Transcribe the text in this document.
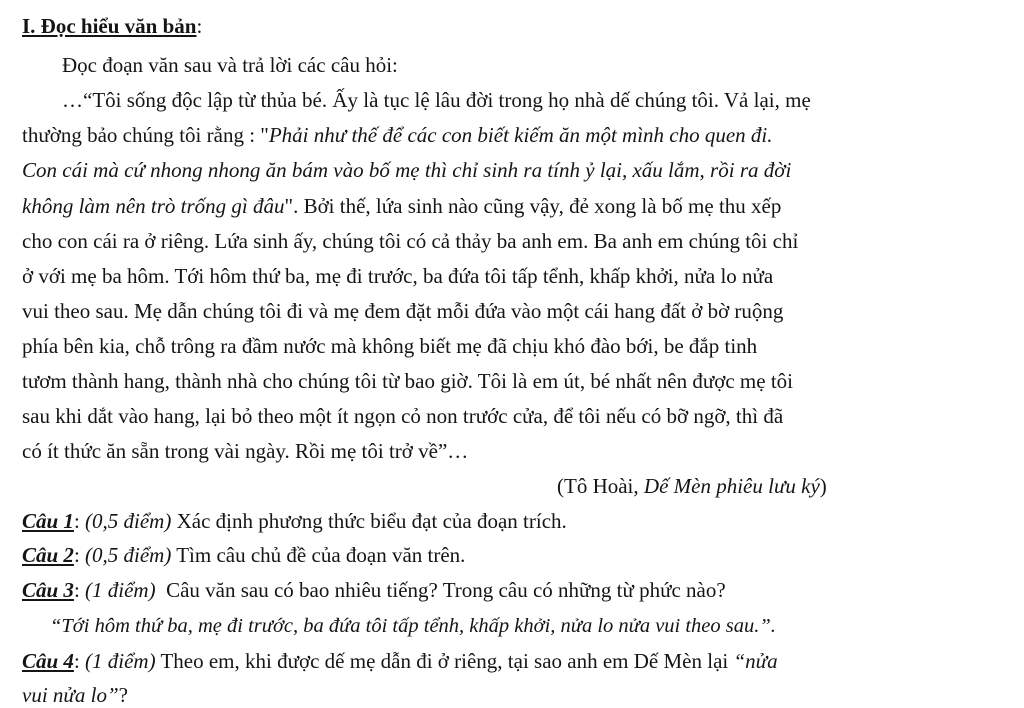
I. Đọc hiểu văn bản:
Đọc đoạn văn sau và trả lời các câu hỏi:
…“Tôi sống độc lập từ thủa bé. Ấy là tục lệ lâu đời trong họ nhà dế chúng tôi. Vả lại, mẹ
thường bảo chúng tôi rằng : "Phải như thế để các con biết kiếm ăn một mình cho quen đi.
Con cái mà cứ nhong nhong ăn bám vào bố mẹ thì chỉ sinh ra tính ỷ lại, xấu lắm, rồi ra đời
không làm nên trò trống gì đâu". Bởi thế, lứa sinh nào cũng vậy, đẻ xong là bố mẹ thu xếp
cho con cái ra ở riêng. Lứa sinh ấy, chúng tôi có cả thảy ba anh em. Ba anh em chúng tôi chỉ
ở với mẹ ba hôm. Tới hôm thứ ba, mẹ đi trước, ba đứa tôi tấp tểnh, khấp khởi, nửa lo nửa
vui theo sau. Mẹ dẫn chúng tôi đi và mẹ đem đặt mỗi đứa vào một cái hang đất ở bờ ruộng
phía bên kia, chỗ trông ra đầm nước mà không biết mẹ đã chịu khó đào bới, be đắp tinh
tươm thành hang, thành nhà cho chúng tôi từ bao giờ. Tôi là em út, bé nhất nên được mẹ tôi
sau khi dắt vào hang, lại bỏ theo một ít ngọn cỏ non trước cửa, để tôi nếu có bỡ ngỡ, thì đã
có ít thức ăn sẵn trong vài ngày. Rồi mẹ tôi trở về”…
(Tô Hoài, Dế Mèn phiêu lưu ký)
Câu 1: (0,5 điểm) Xác định phương thức biểu đạt của đoạn trích.
Câu 2: (0,5 điểm) Tìm câu chủ đề của đoạn văn trên.
Câu 3: (1 điểm)  Câu văn sau có bao nhiêu tiếng? Trong câu có những từ phức nào?
“Tới hôm thứ ba, mẹ đi trước, ba đứa tôi tấp tểnh, khấp khởi, nửa lo nửa vui theo sau.”.
Câu 4: (1 điểm) Theo em, khi được dế mẹ dẫn đi ở riêng, tại sao anh em Dế Mèn lại “nửa
vui nửa lo”?
